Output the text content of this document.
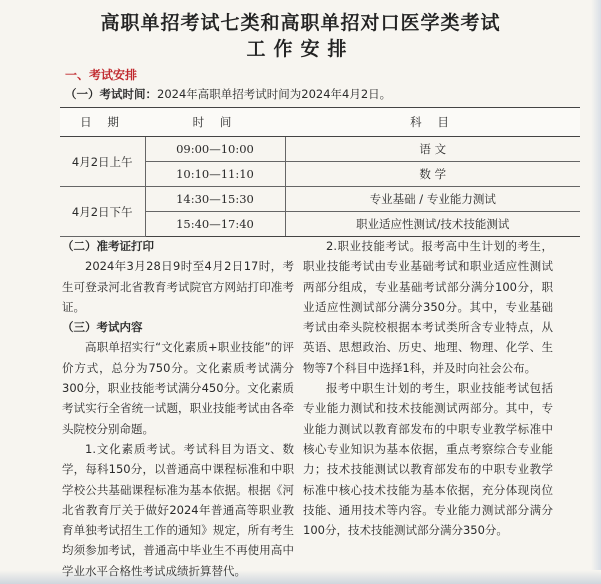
高职单招考试七类和高职单招对口医学类考试
工作安排
一、考试安排
（一）考试时间：2024年高职单招考试时间为2024年4月2日。
日 期	时 间	科 目
4月2日上午	09:00—10:00	语 文
	10:10—11:10	数 学
4月2日下午	14:30—15:30	专业基础 / 专业能力测试
	15:40—17:40	职业适应性测试/技术技能测试

（二）准考证打印

2024年3月28日9时至4月2日17时，考生可登录河北省教育考试院官方网站打印准考证。

（三）考试内容

高职单招实行“文化素质+职业技能”的评价方式，总分为750分。文化素质考试满分300分，职业技能考试满分450分。文化素质考试实行全省统一试题，职业技能考试由各牵头院校分别命题。

1.文化素质考试。考试科目为语文、数学，每科150分，以普通高中课程标准和中职学校公共基础课程标准为基本依据。根据《河北省教育厅关于做好2024年普通高等职业教育单独考试招生工作的通知》规定，所有考生均须参加考试，普通高中毕业生不再使用高中学业水平合格性考试成绩折算替代。

2.职业技能考试。报考高中生计划的考生，职业技能考试由专业基础考试和职业适应性测试两部分组成，专业基础考试部分满分100分，职业适应性测试部分满分350分。其中，专业基础考试由牵头院校根据本考试类所含专业特点，从英语、思想政治、历史、地理、物理、化学、生物等7个科目中选择1科，并及时向社会公布。

报考中职生计划的考生，职业技能考试包括专业能力测试和技术技能测试两部分。其中，专业能力测试以教育部发布的中职专业教学标准中核心专业知识为基本依据，重点考察综合专业能力；技术技能测试以教育部发布的中职专业教学标准中核心技术技能为基本依据，充分体现岗位技能、通用技术等内容。专业能力测试部分满分100分，技术技能测试部分满分350分。
